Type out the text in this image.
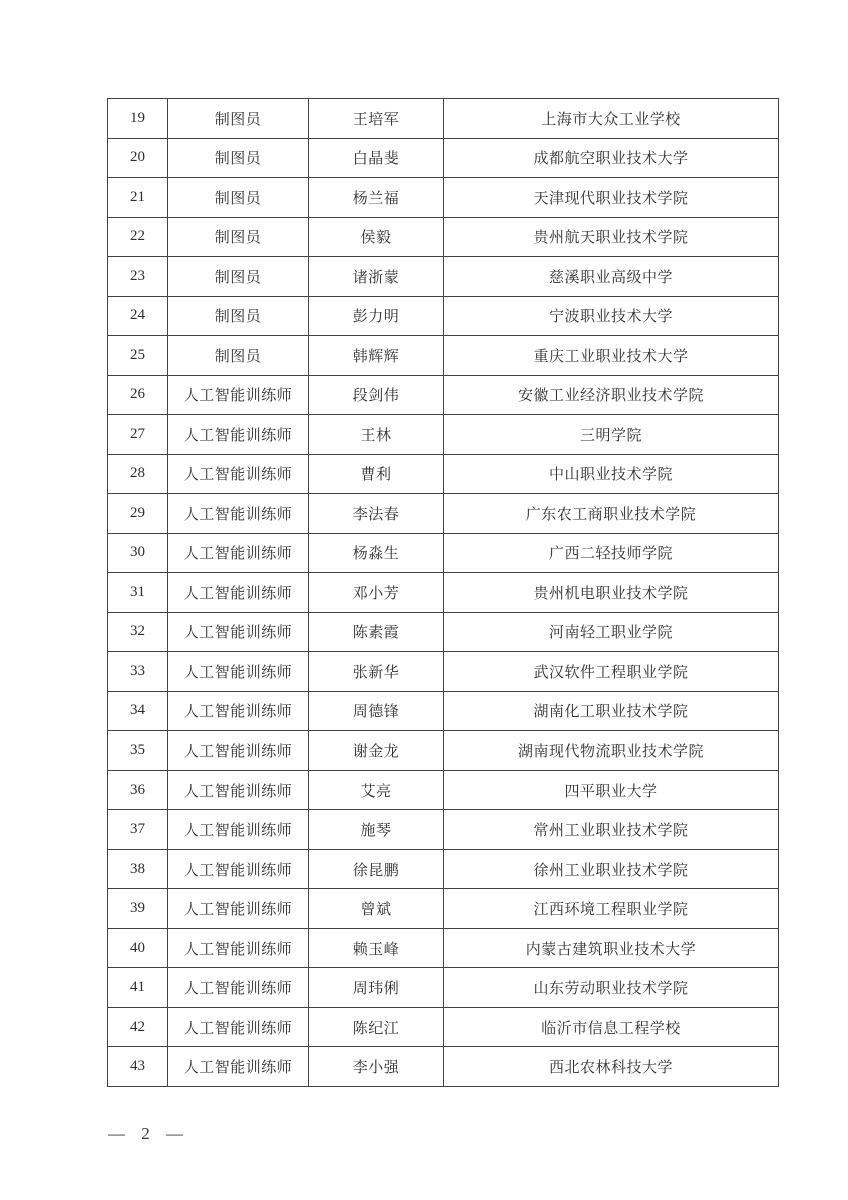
19	制图员	王培军	上海市大众工业学校
20	制图员	白晶斐	成都航空职业技术大学
21	制图员	杨兰福	天津现代职业技术学院
22	制图员	侯毅	贵州航天职业技术学院
23	制图员	诸浙蒙	慈溪职业高级中学
24	制图员	彭力明	宁波职业技术大学
25	制图员	韩辉辉	重庆工业职业技术大学
26	人工智能训练师	段剑伟	安徽工业经济职业技术学院
27	人工智能训练师	王林	三明学院
28	人工智能训练师	曹利	中山职业技术学院
29	人工智能训练师	李法春	广东农工商职业技术学院
30	人工智能训练师	杨淼生	广西二轻技师学院
31	人工智能训练师	邓小芳	贵州机电职业技术学院
32	人工智能训练师	陈素霞	河南轻工职业学院
33	人工智能训练师	张新华	武汉软件工程职业学院
34	人工智能训练师	周德锋	湖南化工职业技术学院
35	人工智能训练师	谢金龙	湖南现代物流职业技术学院
36	人工智能训练师	艾亮	四平职业大学
37	人工智能训练师	施琴	常州工业职业技术学院
38	人工智能训练师	徐昆鹏	徐州工业职业技术学院
39	人工智能训练师	曾斌	江西环境工程职业学院
40	人工智能训练师	赖玉峰	内蒙古建筑职业技术大学
41	人工智能训练师	周玮俐	山东劳动职业技术学院
42	人工智能训练师	陈纪江	临沂市信息工程学校
43	人工智能训练师	李小强	西北农林科技大学
— 2 —
